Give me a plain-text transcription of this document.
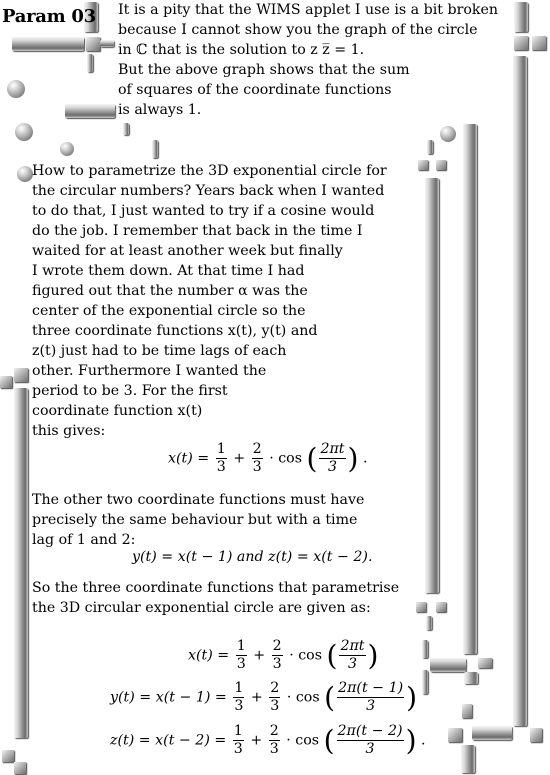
Param 03 It is a pity that the WIMS applet I use is a bit broken
because I cannot show you the graph of the circle
in ℂ that is the solution to z z̅ = 1.
But the above graph shows that the sum
of squares of the coordinate functions
is always 1.
How to parametrize the 3D exponential circle for
the circular numbers? Years back when I wanted
to do that, I just wanted to try if a cosine would
do the job. I remember that back in the time I
waited for at least another week but finally
I wrote them down. At that time I had
figured out that the number α was the
center of the exponential circle so the
three coordinate functions x(t), y(t) and
z(t) just had to be time lags of each
other. Furthermore I wanted the
period to be 3. For the first
coordinate function x(t)
this gives:
$x(t) = \frac{1}{3} + \frac{2}{3} \cdot \cos$ ( $\frac{2\pi t}{3}$ ) .
The other two coordinate functions must have
precisely the same behaviour but with a time
lag of 1 and 2:
y(t) = x(t − 1) and z(t) = x(t − 2).
So the three coordinate functions that parametrise
the 3D circular exponential circle are given as:
$x(t) = \frac{1}{3} + \frac{2}{3} \cdot \cos$ ( $\frac{2\pi t}{3}$ )
$y(t) = x(t - 1) = \frac{1}{3} + \frac{2}{3} \cdot \cos$ ( $\frac{2\pi(t - 1)}{3}$ )
$z(t) = x(t - 2) = \frac{1}{3} + \frac{2}{3} \cdot \cos$ ( $\frac{2\pi(t - 2)}{3}$ ) .
